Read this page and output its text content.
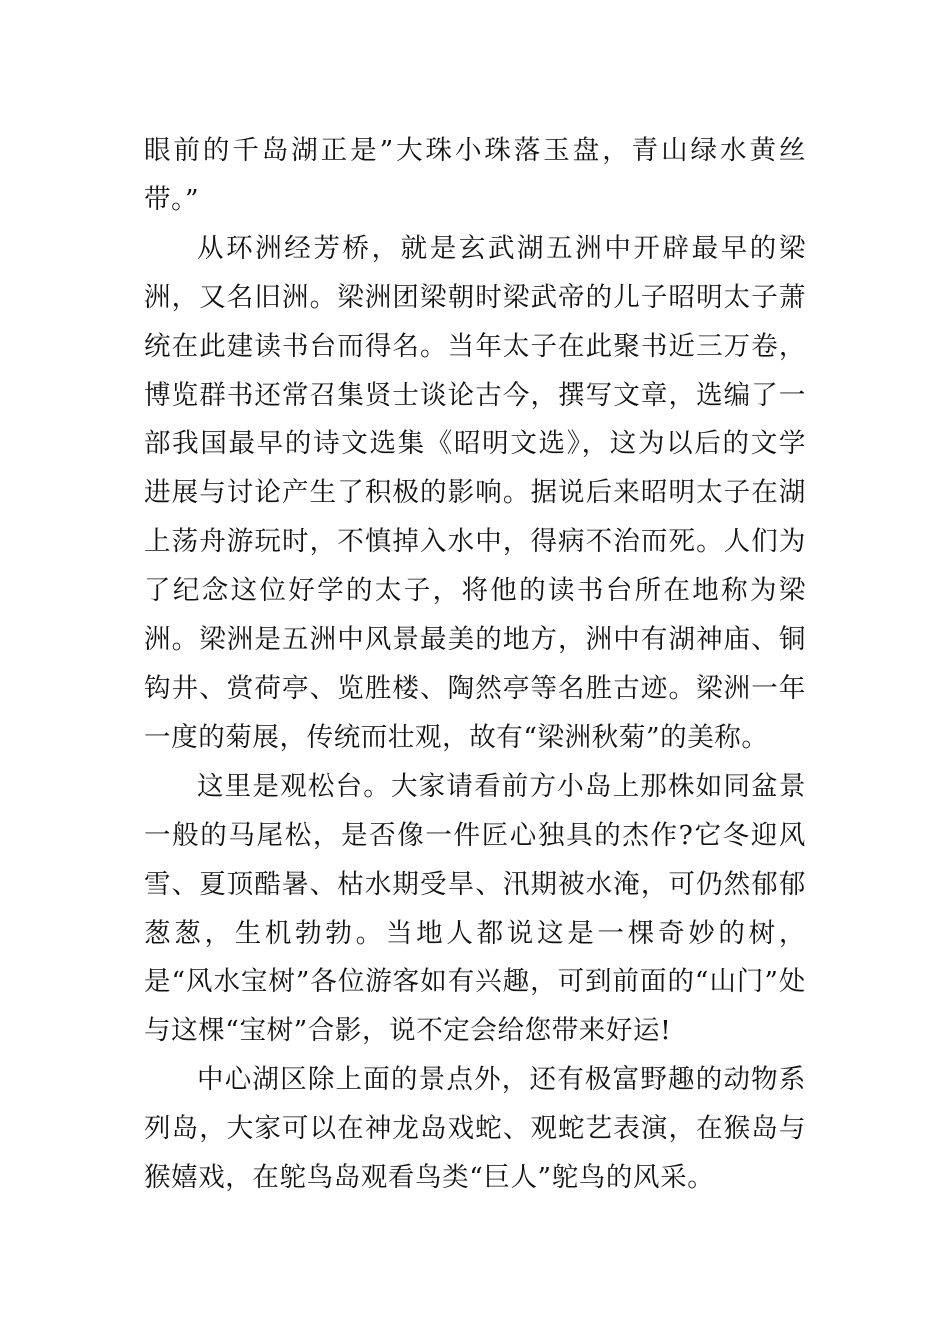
眼前的千岛湖正是”大珠小珠落玉盘，青山绿水黄丝带。”

从环洲经芳桥，就是玄武湖五洲中开辟最早的梁洲，又名旧洲。梁洲团梁朝时梁武帝的儿子昭明太子萧统在此建读书台而得名。当年太子在此聚书近三万卷，博览群书还常召集贤士谈论古今，撰写文章，选编了一部我国最早的诗文选集《昭明文选》，这为以后的文学进展与讨论产生了积极的影响。据说后来昭明太子在湖上荡舟游玩时，不慎掉入水中，得病不治而死。人们为了纪念这位好学的太子，将他的读书台所在地称为梁洲。梁洲是五洲中风景最美的地方，洲中有湖神庙、铜钩井、赏荷亭、览胜楼、陶然亭等名胜古迹。梁洲一年一度的菊展，传统而壮观，故有“梁洲秋菊”的美称。

这里是观松台。大家请看前方小岛上那株如同盆景一般的马尾松，是否像一件匠心独具的杰作?它冬迎风雪、夏顶酷暑、枯水期受旱、汛期被水淹，可仍然郁郁葱葱，生机勃勃。当地人都说这是一棵奇妙的树，是“风水宝树”各位游客如有兴趣，可到前面的“山门”处与这棵“宝树”合影，说不定会给您带来好运!

中心湖区除上面的景点外，还有极富野趣的动物系列岛，大家可以在神龙岛戏蛇、观蛇艺表演，在猴岛与猴嬉戏，在鸵鸟岛观看鸟类“巨人”鸵鸟的风采。
